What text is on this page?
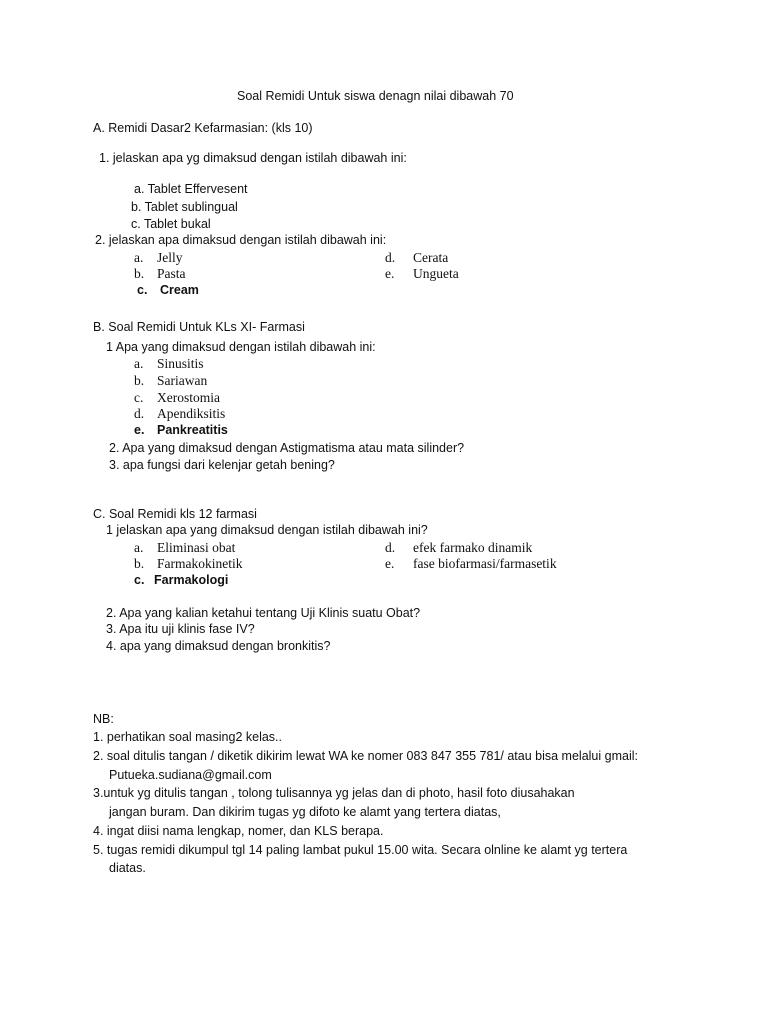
Soal Remidi Untuk siswa denagn nilai dibawah 70
A. Remidi Dasar2 Kefarmasian: (kls 10)
1. jelaskan apa yg dimaksud dengan istilah dibawah ini:
a. Tablet Effervesent
b. Tablet sublingual
c. Tablet bukal
2. jelaskan apa dimaksud dengan istilah dibawah ini:
a. Jelly
b. Pasta
c. Cream
d. Cerata
e. Ungueta
B. Soal Remidi Untuk KLs XI- Farmasi
1 Apa yang dimaksud dengan istilah dibawah ini:
a. Sinusitis
b. Sariawan
c. Xerostomia
d. Apendiksitis
e. Pankreatitis
2. Apa yang dimaksud dengan Astigmatisma atau mata silinder?
3. apa fungsi dari kelenjar getah bening?
C. Soal Remidi kls 12 farmasi
1 jelaskan apa yang dimaksud dengan istilah dibawah ini?
a. Eliminasi obat
b. Farmakokinetik
c. Farmakologi
d. efek farmako dinamik
e. fase biofarmasi/farmasetik
2. Apa yang kalian ketahui tentang Uji Klinis suatu Obat?
3. Apa itu uji klinis fase IV?
4. apa yang dimaksud dengan bronkitis?
NB:
1. perhatikan soal masing2 kelas..
2. soal ditulis tangan / diketik dikirim lewat WA ke nomer 083 847 355 781/ atau bisa melalui gmail:
Putueka.sudiana@gmail.com
3.untuk yg ditulis tangan , tolong tulisannya yg jelas dan di photo, hasil foto diusahakan
jangan buram. Dan dikirim tugas yg difoto ke alamt yang tertera diatas,
4. ingat diisi nama lengkap, nomer, dan KLS berapa.
5. tugas remidi dikumpul tgl 14 paling lambat pukul 15.00 wita. Secara olnline ke alamt yg tertera
diatas.
